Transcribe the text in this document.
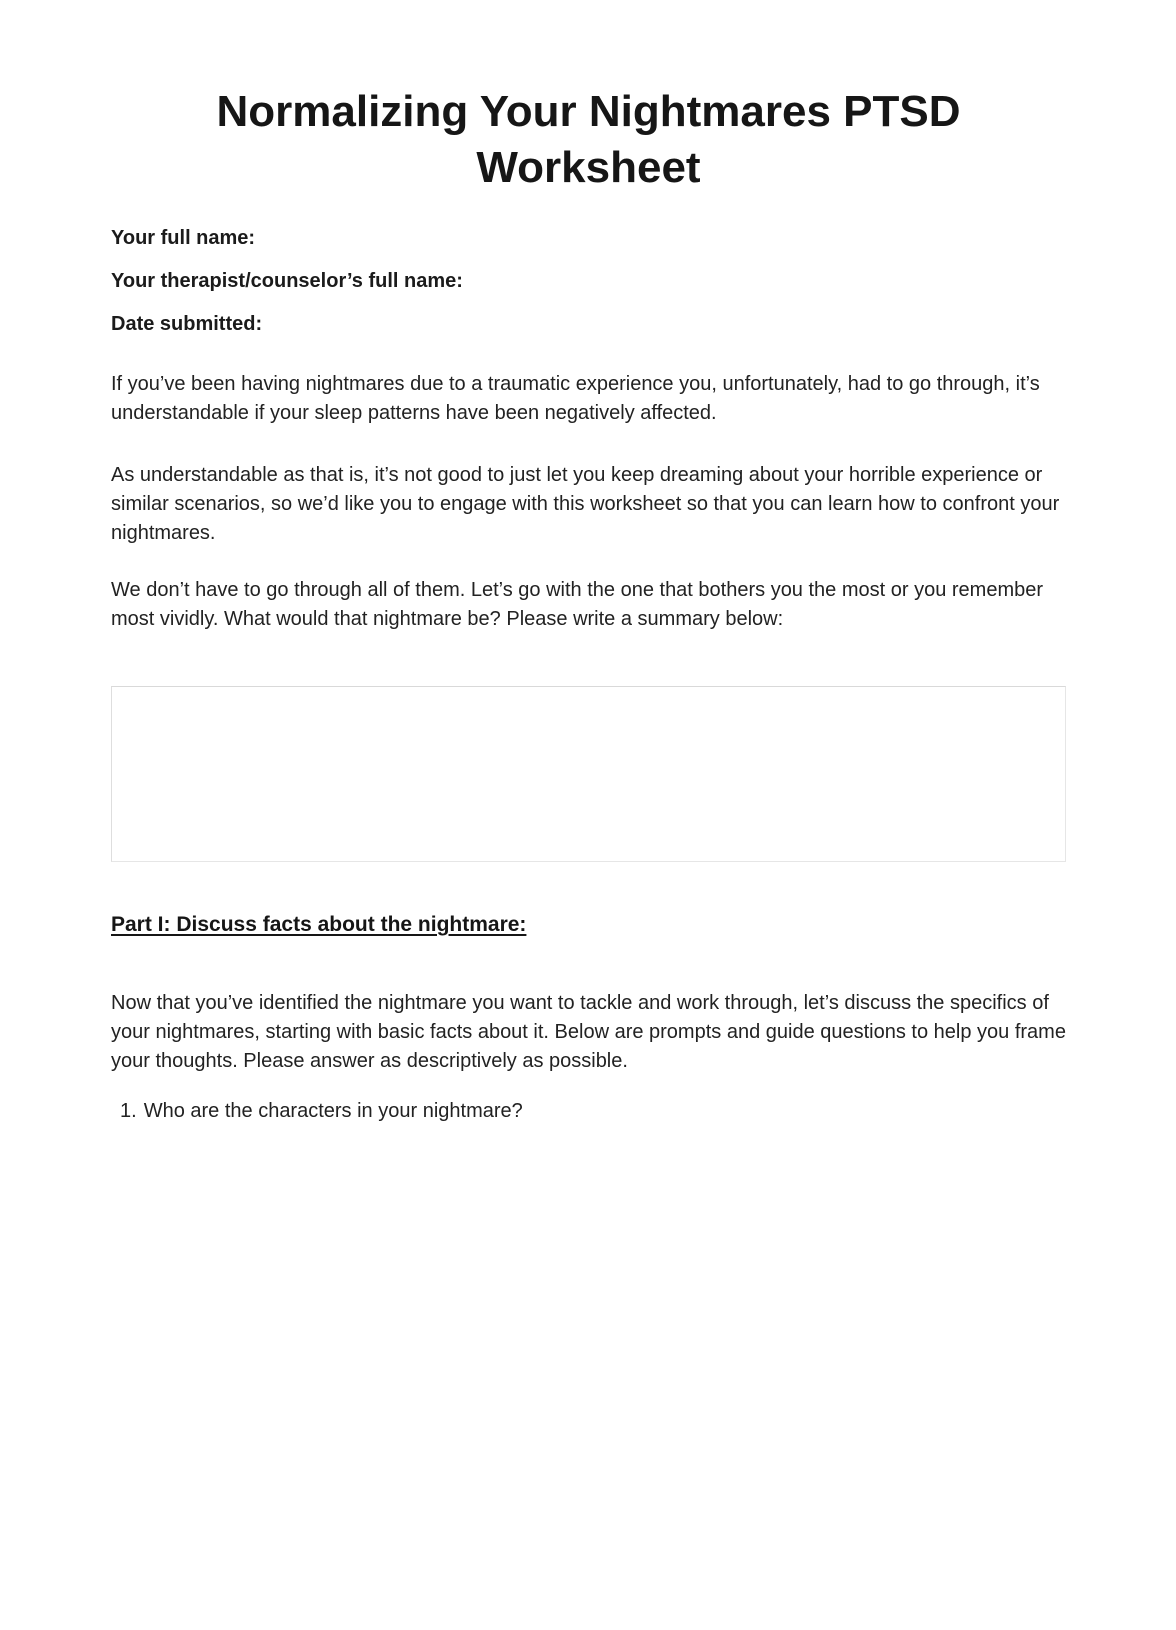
Normalizing Your Nightmares PTSD Worksheet

Your full name:

Your therapist/counselor’s full name:

Date submitted:

If you’ve been having nightmares due to a traumatic experience you, unfortunately, had to go through, it’s understandable if your sleep patterns have been negatively affected.

As understandable as that is, it’s not good to just let you keep dreaming about your horrible experience or similar scenarios, so we’d like you to engage with this worksheet so that you can learn how to confront your nightmares.

We don’t have to go through all of them. Let’s go with the one that bothers you the most or you remember most vividly. What would that nightmare be? Please write a summary below:

Part I: Discuss facts about the nightmare:

Now that you’ve identified the nightmare you want to tackle and work through, let’s discuss the specifics of your nightmares, starting with basic facts about it. Below are prompts and guide questions to help you frame your thoughts. Please answer as descriptively as possible.

1. Who are the characters in your nightmare?
